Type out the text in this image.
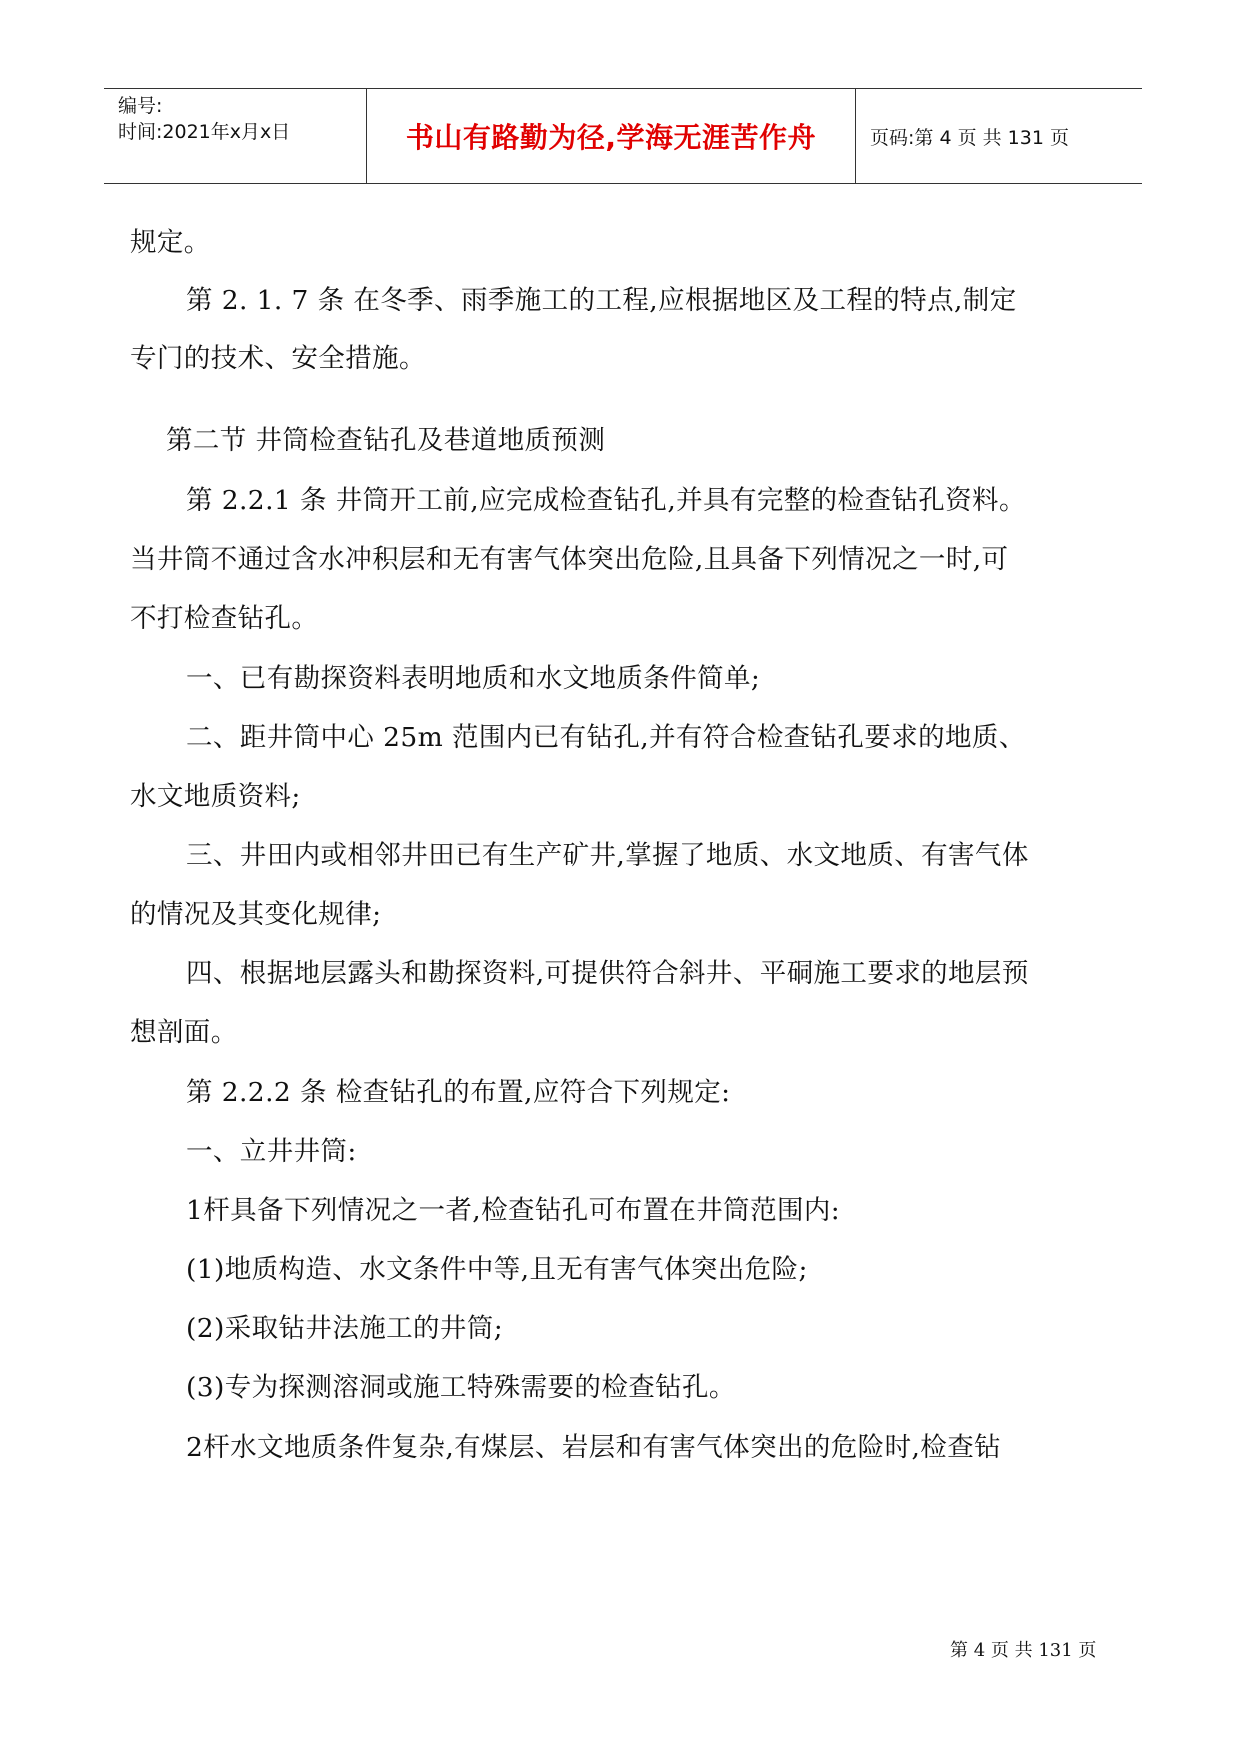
编号:
时间:2021年x月x日	书山有路勤为径,学海无涯苦作舟	页码:第 4 页 共 131 页
规定。
第 2. 1. 7 条 在冬季、雨季施工的工程,应根据地区及工程的特点,制定
专门的技术、安全措施。
第二节 井筒检查钻孔及巷道地质预测
第 2.2.1 条 井筒开工前,应完成检查钻孔,并具有完整的检查钻孔资料。
当井筒不通过含水冲积层和无有害气体突出危险,且具备下列情况之一时,可
不打检查钻孔。
一、已有勘探资料表明地质和水文地质条件简单;
二、距井筒中心 25m 范围内已有钻孔,并有符合检查钻孔要求的地质、
水文地质资料;
三、井田内或相邻井田已有生产矿井,掌握了地质、水文地质、有害气体
的情况及其变化规律;
四、根据地层露头和勘探资料,可提供符合斜井、平硐施工要求的地层预
想剖面。
第 2.2.2 条 检查钻孔的布置,应符合下列规定:
一、立井井筒:
1杆具备下列情况之一者,检查钻孔可布置在井筒范围内:
(1)地质构造、水文条件中等,且无有害气体突出危险;
(2)采取钻井法施工的井筒;
(3)专为探测溶洞或施工特殊需要的检查钻孔。
2杆水文地质条件复杂,有煤层、岩层和有害气体突出的危险时,检查钻
第 4 页 共 131 页
